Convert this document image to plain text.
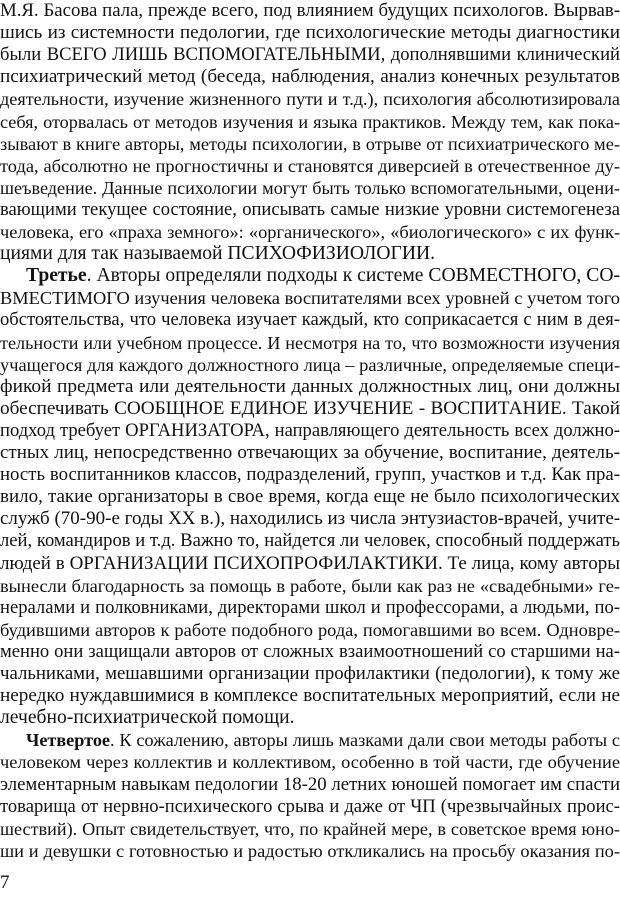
М.Я. Басова пала, прежде всего, под влиянием будущих психологов. Вырвав-
шись из системности педологии, где психологические методы диагностики
были ВСЕГО ЛИШЬ ВСПОМОГАТЕЛЬНЫМИ, дополнявшими клинический
психиатрический метод (беседа, наблюдения, анализ конечных результатов
деятельности, изучение жизненного пути и т.д.), психология абсолютизировала
себя, оторвалась от методов изучения и языка практиков. Между тем, как пока-
зывают в книге авторы, методы психологии, в отрыве от психиатрического ме-
тода, абсолютно не прогностичны и становятся диверсией в отечественное ду-
шеъведение. Данные психологии могут быть только вспомогательными, оцени-
вающими текущее состояние, описывать самые низкие уровни системогенеза
человека, его «праха земного»: «органического», «биологического» с их функ-
циями для так называемой ПСИХОФИЗИОЛОГИИ.
Третье. Авторы определяли подходы к системе СОВМЕСТНОГО, СО-
ВМЕСТИМОГО изучения человека воспитателями всех уровней с учетом того
обстоятельства, что человека изучает каждый, кто соприкасается с ним в дея-
тельности или учебном процессе. И несмотря на то, что возможности изучения
учащегося для каждого должностного лица – различные, определяемые специ-
фикой предмета или деятельности данных должностных лиц, они должны
обеспечивать СООБЩНОЕ ЕДИНОЕ ИЗУЧЕНИЕ - ВОСПИТАНИЕ. Такой
подход требует ОРГАНИЗАТОРА, направляющего деятельность всех должно-
стных лиц, непосредственно отвечающих за обучение, воспитание, деятель-
ность воспитанников классов, подразделений, групп, участков и т.д. Как пра-
вило, такие организаторы в свое время, когда еще не было психологических
служб (70-90-е годы XX в.), находились из числа энтузиастов-врачей, учите-
лей, командиров и т.д. Важно то, найдется ли человек, способный поддержать
людей в ОРГАНИЗАЦИИ ПСИХОПРОФИЛАКТИКИ. Те лица, кому авторы
вынесли благодарность за помощь в работе, были как раз не «свадебными» ге-
нералами и полковниками, директорами школ и профессорами, а людьми, по-
будившими авторов к работе подобного рода, помогавшими во всем. Одновре-
менно они защищали авторов от сложных взаимоотношений со старшими на-
чальниками, мешавшими организации профилактики (педологии), к тому же
нередко нуждавшимися в комплексе воспитательных мероприятий, если не
лечебно-психиатрической помощи.
Четвертое. К сожалению, авторы лишь мазками дали свои методы работы с
человеком через коллектив и коллективом, особенно в той части, где обучение
элементарным навыкам педологии 18-20 летних юношей помогает им спасти
товарища от нервно-психического срыва и даже от ЧП (чрезвычайных проис-
шествий). Опыт свидетельствует, что, по крайней мере, в советское время юно-
ши и девушки с готовностью и радостью откликались на просьбу оказания по-
7
